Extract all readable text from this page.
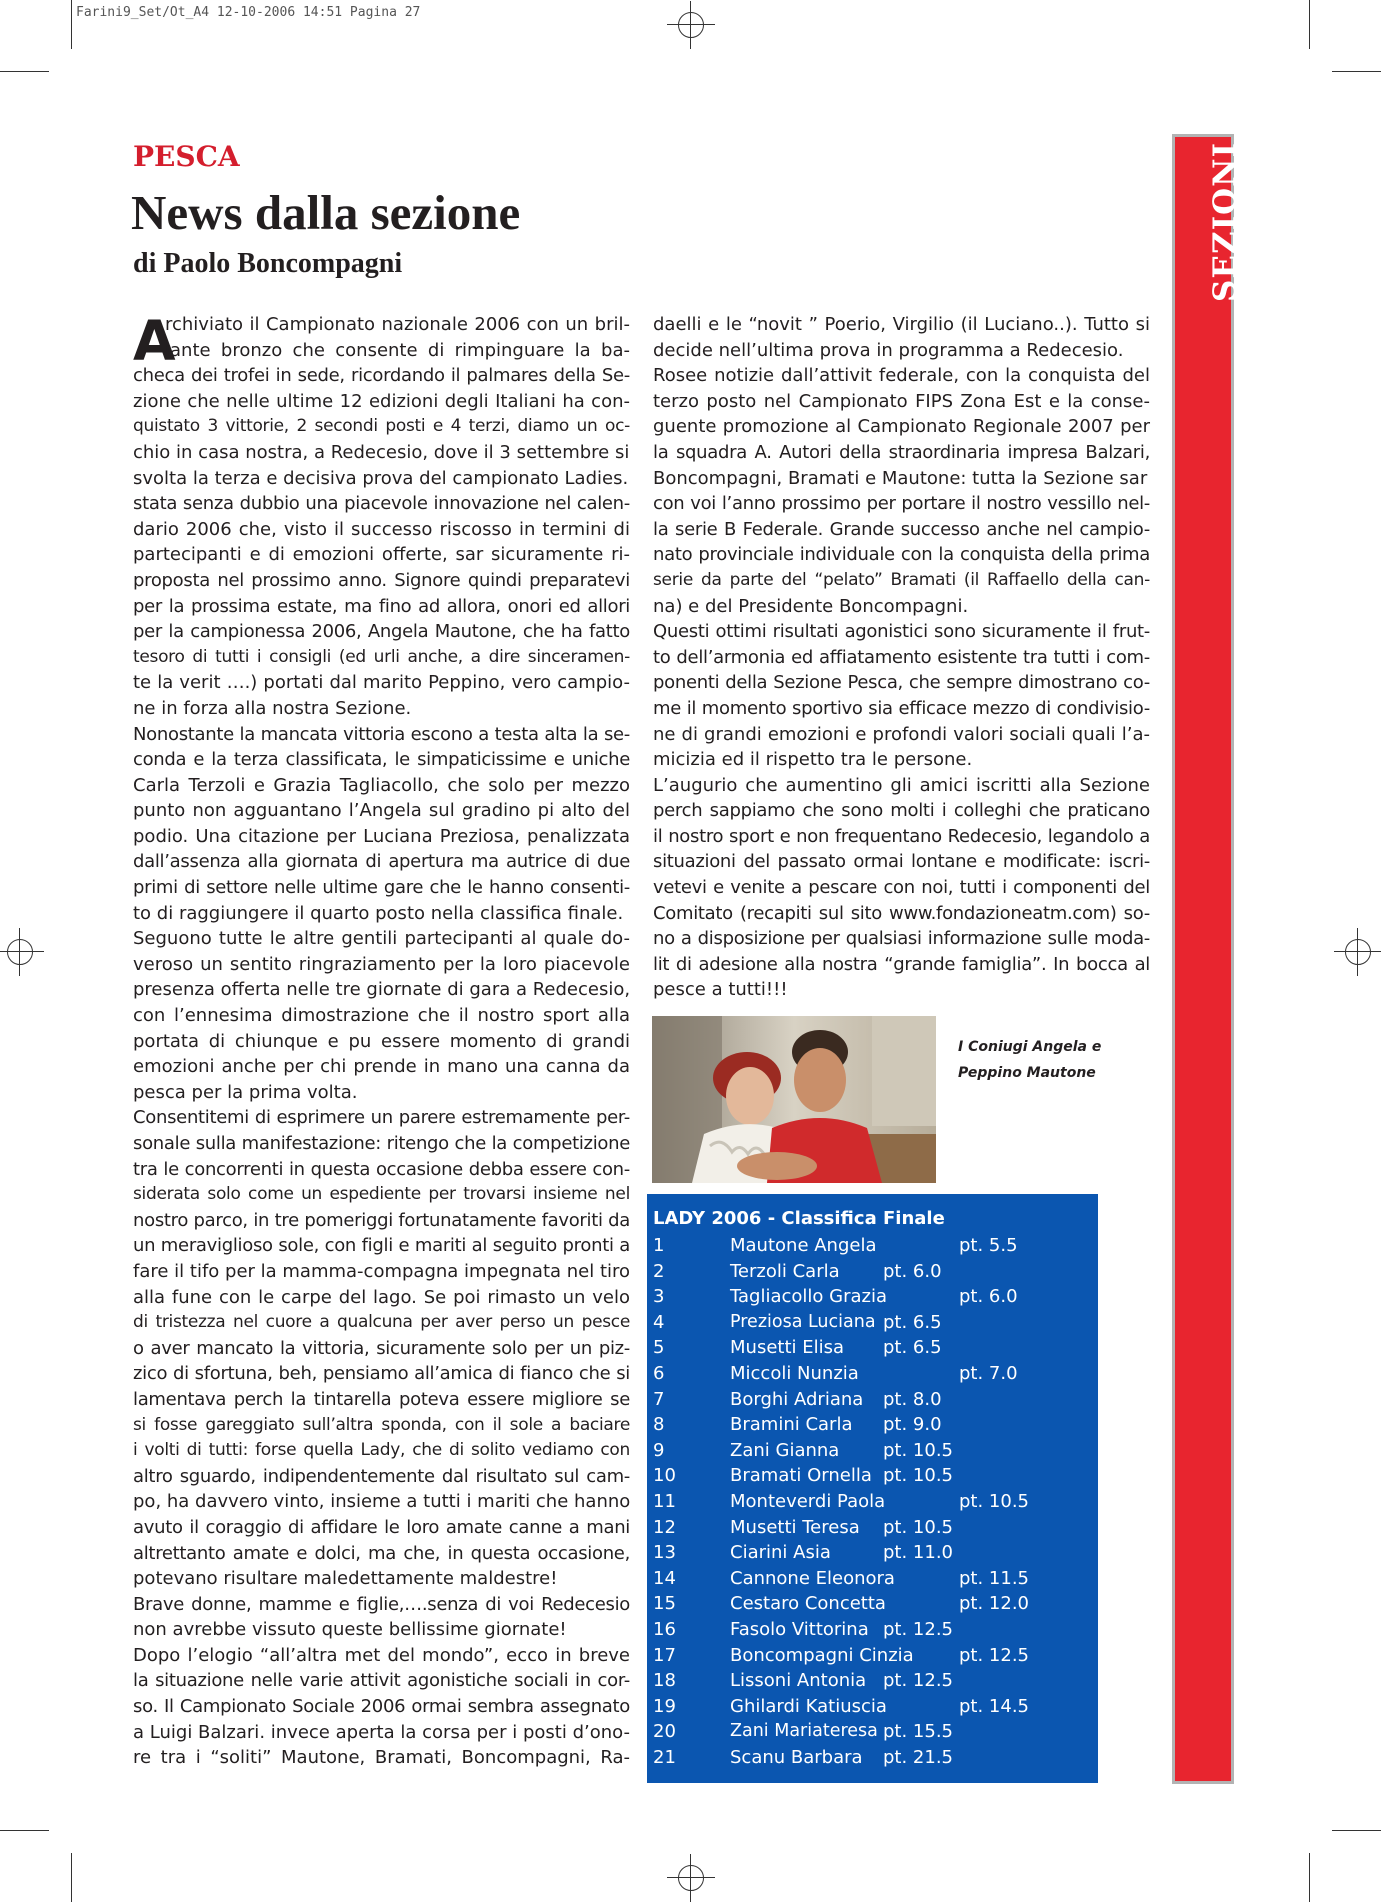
Farini9_Set/Ot_A4 12-10-2006 14:51 Pagina 27
PESCA
News dalla sezione
di Paolo Boncompagni
A
rchiviato il Campionato nazionale 2006 con un bril-
lante bronzo che consente di rimpinguare la ba-
checa dei trofei in sede, ricordando il palmares della Se-
zione che nelle ultime 12 edizioni degli Italiani ha con-
quistato 3 vittorie, 2 secondi posti e 4 terzi, diamo un oc-
chio in casa nostra, a Redecesio, dove il 3 settembre si
svolta la terza e decisiva prova del campionato Ladies.
stata senza dubbio una piacevole innovazione nel calen-
dario 2006 che, visto il successo riscosso in termini di
partecipanti e di emozioni offerte, sar sicuramente ri-
proposta nel prossimo anno. Signore quindi preparatevi
per la prossima estate, ma fino ad allora, onori ed allori
per la campionessa 2006, Angela Mautone, che ha fatto
tesoro di tutti i consigli (ed urli anche, a dire sinceramen-
te la verit ….) portati dal marito Peppino, vero campio-
ne in forza alla nostra Sezione.
Nonostante la mancata vittoria escono a testa alta la se-
conda e la terza classificata, le simpaticissime e uniche
Carla Terzoli e Grazia Tagliacollo, che solo per mezzo
punto non agguantano l’Angela sul gradino pi alto del
podio. Una citazione per Luciana Preziosa, penalizzata
dall’assenza alla giornata di apertura ma autrice di due
primi di settore nelle ultime gare che le hanno consenti-
to di raggiungere il quarto posto nella classifica finale.
Seguono tutte le altre gentili partecipanti al quale do-
veroso un sentito ringraziamento per la loro piacevole
presenza offerta nelle tre giornate di gara a Redecesio,
con l’ennesima dimostrazione che il nostro sport alla
portata di chiunque e pu essere momento di grandi
emozioni anche per chi prende in mano una canna da
pesca per la prima volta.
Consentitemi di esprimere un parere estremamente per-
sonale sulla manifestazione: ritengo che la competizione
tra le concorrenti in questa occasione debba essere con-
siderata solo come un espediente per trovarsi insieme nel
nostro parco, in tre pomeriggi fortunatamente favoriti da
un meraviglioso sole, con figli e mariti al seguito pronti a
fare il tifo per la mamma-compagna impegnata nel tiro
alla fune con le carpe del lago. Se poi rimasto un velo
di tristezza nel cuore a qualcuna per aver perso un pesce
o aver mancato la vittoria, sicuramente solo per un piz-
zico di sfortuna, beh, pensiamo all’amica di fianco che si
lamentava perch la tintarella poteva essere migliore se
si fosse gareggiato sull’altra sponda, con il sole a baciare
i volti di tutti: forse quella Lady, che di solito vediamo con
altro sguardo, indipendentemente dal risultato sul cam-
po, ha davvero vinto, insieme a tutti i mariti che hanno
avuto il coraggio di affidare le loro amate canne a mani
altrettanto amate e dolci, ma che, in questa occasione,
potevano risultare maledettamente maldestre!
Brave donne, mamme e figlie,….senza di voi Redecesio
non avrebbe vissuto queste bellissime giornate!
Dopo l’elogio “all’altra met del mondo”, ecco in breve
la situazione nelle varie attivit agonistiche sociali in cor-
so. Il Campionato Sociale 2006 ormai sembra assegnato
a Luigi Balzari. invece aperta la corsa per i posti d’ono-
re tra i “soliti” Mautone, Bramati, Boncompagni, Ra-
daelli e le “novit ” Poerio, Virgilio (il Luciano..). Tutto si
decide nell’ultima prova in programma a Redecesio.
Rosee notizie dall’attivit federale, con la conquista del
terzo posto nel Campionato FIPS Zona Est e la conse-
guente promozione al Campionato Regionale 2007 per
la squadra A. Autori della straordinaria impresa Balzari,
Boncompagni, Bramati e Mautone: tutta la Sezione sar
con voi l’anno prossimo per portare il nostro vessillo nel-
la serie B Federale. Grande successo anche nel campio-
nato provinciale individuale con la conquista della prima
serie da parte del “pelato” Bramati (il Raffaello della can-
na) e del Presidente Boncompagni.
Questi ottimi risultati agonistici sono sicuramente il frut-
to dell’armonia ed affiatamento esistente tra tutti i com-
ponenti della Sezione Pesca, che sempre dimostrano co-
me il momento sportivo sia efficace mezzo di condivisio-
ne di grandi emozioni e profondi valori sociali quali l’a-
micizia ed il rispetto tra le persone.
L’augurio che aumentino gli amici iscritti alla Sezione
perch sappiamo che sono molti i colleghi che praticano
il nostro sport e non frequentano Redecesio, legandolo a
situazioni del passato ormai lontane e modificate: iscri-
vetevi e venite a pescare con noi, tutti i componenti del
Comitato (recapiti sul sito www.fondazioneatm.com) so-
no a disposizione per qualsiasi informazione sulle moda-
lit di adesione alla nostra “grande famiglia”. In bocca al
pesce a tutti!!!

I Coniugi Angela e
Peppino Mautone

LADY 2006 - Classifica Finale
1	Mautone Angela	pt. 5.5
2	Terzoli Carla pt. 6.0
3	Tagliacollo Grazia	pt. 6.0
4	Preziosa Luciana pt. 6.5
5	Musetti Elisa pt. 6.5
6	Miccoli Nunzia	pt. 7.0
7	Borghi Adriana pt. 8.0
8	Bramini Carla pt. 9.0
9	Zani Gianna pt. 10.5
10	Bramati Ornella pt. 10.5
11	Monteverdi Paola	pt. 10.5
12	Musetti Teresa pt. 10.5
13	Ciarini Asia	pt. 11.0
14	Cannone Eleonora	pt. 11.5
15	Cestaro Concetta	pt. 12.0
16	Fasolo Vittorina pt. 12.5
17	Boncompagni Cinzia	pt. 12.5
18	Lissoni Antonia pt. 12.5
19	Ghilardi Katiuscia	pt. 14.5
20	Zani Mariateresa pt. 15.5
21	Scanu Barbara pt. 21.5
SEZIONI
